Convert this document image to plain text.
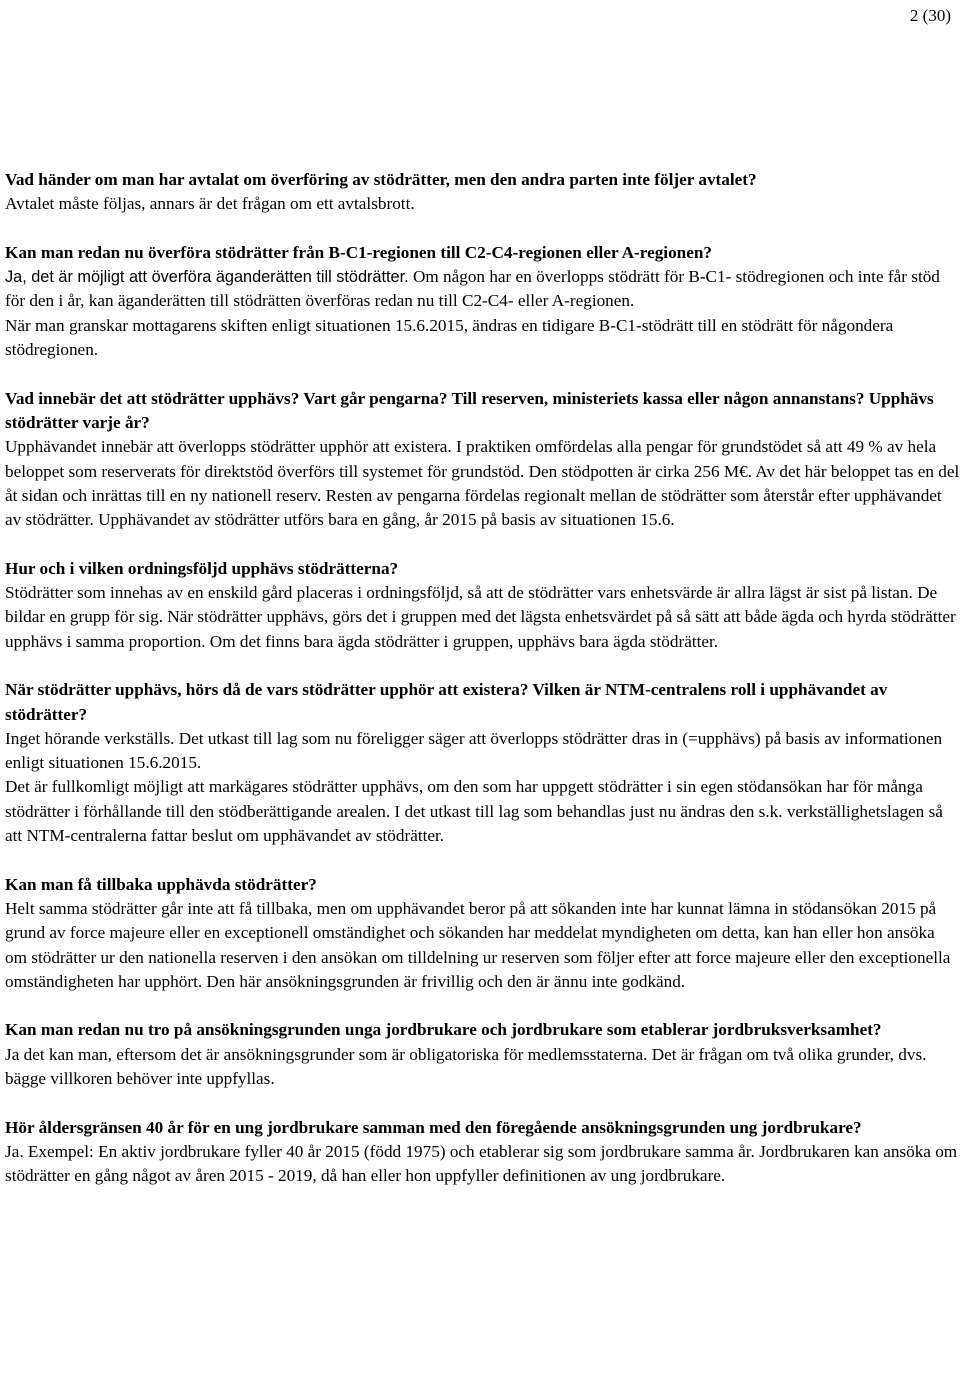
2 (30)

Vad händer om man har avtalat om överföring av stödrätter, men den andra parten inte följer avtalet?

Avtalet måste följas, annars är det frågan om ett avtalsbrott.

Kan man redan nu överföra stödrätter från B-C1-regionen till C2-C4-regionen eller A-regionen?

Ja, det är möjligt att överföra äganderätten till stödrätter. Om någon har en överlopps stödrätt för B-C1- stödregionen och inte får stöd för den i år, kan äganderätten till stödrätten överföras redan nu till C2-C4- eller A-regionen.

När man granskar mottagarens skiften enligt situationen 15.6.2015, ändras en tidigare B-C1-stödrätt till en stödrätt för någondera stödregionen.

Vad innebär det att stödrätter upphävs? Vart går pengarna? Till reserven, ministeriets kassa eller någon annanstans? Upphävs stödrätter varje år?

Upphävandet innebär att överlopps stödrätter upphör att existera. I praktiken omfördelas alla pengar för grundstödet så att 49 % av hela beloppet som reserverats för direktstöd överförs till systemet för grundstöd. Den stödpotten är cirka 256 M€. Av det här beloppet tas en del åt sidan och inrättas till en ny nationell reserv. Resten av pengarna fördelas regionalt mellan de stödrätter som återstår efter upphävandet av stödrätter. Upphävandet av stödrätter utförs bara en gång, år 2015 på basis av situationen 15.6.

Hur och i vilken ordningsföljd upphävs stödrätterna?

Stödrätter som innehas av en enskild gård placeras i ordningsföljd, så att de stödrätter vars enhetsvärde är allra lägst är sist på listan. De bildar en grupp för sig. När stödrätter upphävs, görs det i gruppen med det lägsta enhetsvärdet på så sätt att både ägda och hyrda stödrätter upphävs i samma proportion. Om det finns bara ägda stödrätter i gruppen, upphävs bara ägda stödrätter.

När stödrätter upphävs, hörs då de vars stödrätter upphör att existera? Vilken är NTM-centralens roll i upphävandet av stödrätter?

Inget hörande verkställs. Det utkast till lag som nu föreligger säger att överlopps stödrätter dras in (=upphävs) på basis av informationen enligt situationen 15.6.2015.

Det är fullkomligt möjligt att markägares stödrätter upphävs, om den som har uppgett stödrätter i sin egen stödansökan har för många stödrätter i förhållande till den stödberättigande arealen. I det utkast till lag som behandlas just nu ändras den s.k. verkställighetslagen så att NTM-centralerna fattar beslut om upphävandet av stödrätter.

Kan man få tillbaka upphävda stödrätter?

Helt samma stödrätter går inte att få tillbaka, men om upphävandet beror på att sökanden inte har kunnat lämna in stödansökan 2015 på grund av force majeure eller en exceptionell omständighet och sökanden har meddelat myndigheten om detta, kan han eller hon ansöka om stödrätter ur den nationella reserven i den ansökan om tilldelning ur reserven som följer efter att force majeure eller den exceptionella omständigheten har upphört. Den här ansökningsgrunden är frivillig och den är ännu inte godkänd.

Kan man redan nu tro på ansökningsgrunden unga jordbrukare och jordbrukare som etablerar jordbruksverksamhet?

Ja det kan man, eftersom det är ansökningsgrunder som är obligatoriska för medlemsstaterna. Det är frågan om två olika grunder, dvs. bägge villkoren behöver inte uppfyllas.

Hör åldersgränsen 40 år för en ung jordbrukare samman med den föregående ansökningsgrunden ung jordbrukare?

Ja. Exempel: En aktiv jordbrukare fyller 40 år 2015 (född 1975) och etablerar sig som jordbrukare samma år. Jordbrukaren kan ansöka om stödrätter en gång något av åren 2015 - 2019, då han eller hon uppfyller definitionen av ung jordbrukare.
